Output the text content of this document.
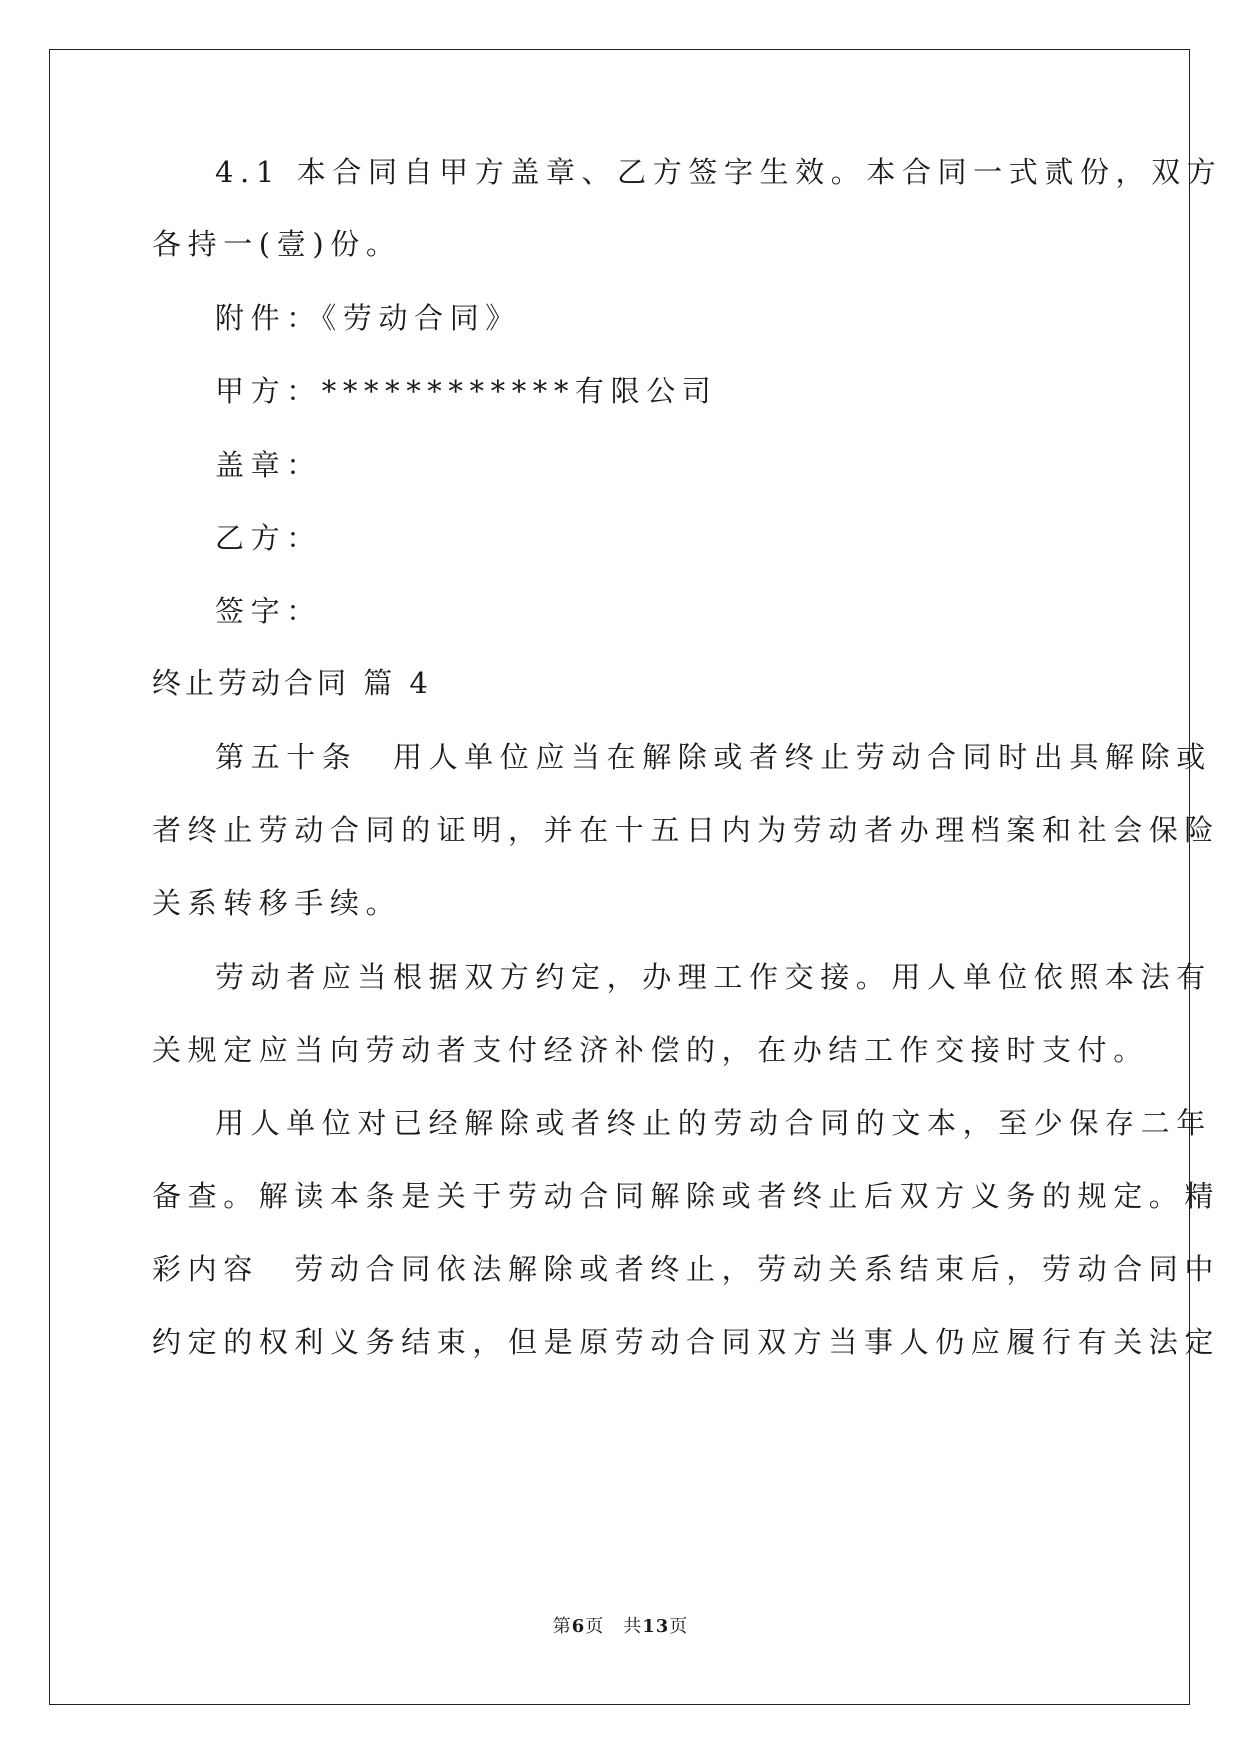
4.1 本合同自甲方盖章、乙方签字生效。本合同一式贰份，双方
各持一(壹)份。
附件：《劳动合同》
甲方：************有限公司
盖章：
乙方：
签字：
终止劳动合同 篇 4
第五十条　用人单位应当在解除或者终止劳动合同时出具解除或
者终止劳动合同的证明，并在十五日内为劳动者办理档案和社会保险
关系转移手续。
劳动者应当根据双方约定，办理工作交接。用人单位依照本法有
关规定应当向劳动者支付经济补偿的，在办结工作交接时支付。
用人单位对已经解除或者终止的劳动合同的文本，至少保存二年
备查。解读本条是关于劳动合同解除或者终止后双方义务的规定。精
彩内容　劳动合同依法解除或者终止，劳动关系结束后，劳动合同中
约定的权利义务结束，但是原劳动合同双方当事人仍应履行有关法定
第6页　 共13页
